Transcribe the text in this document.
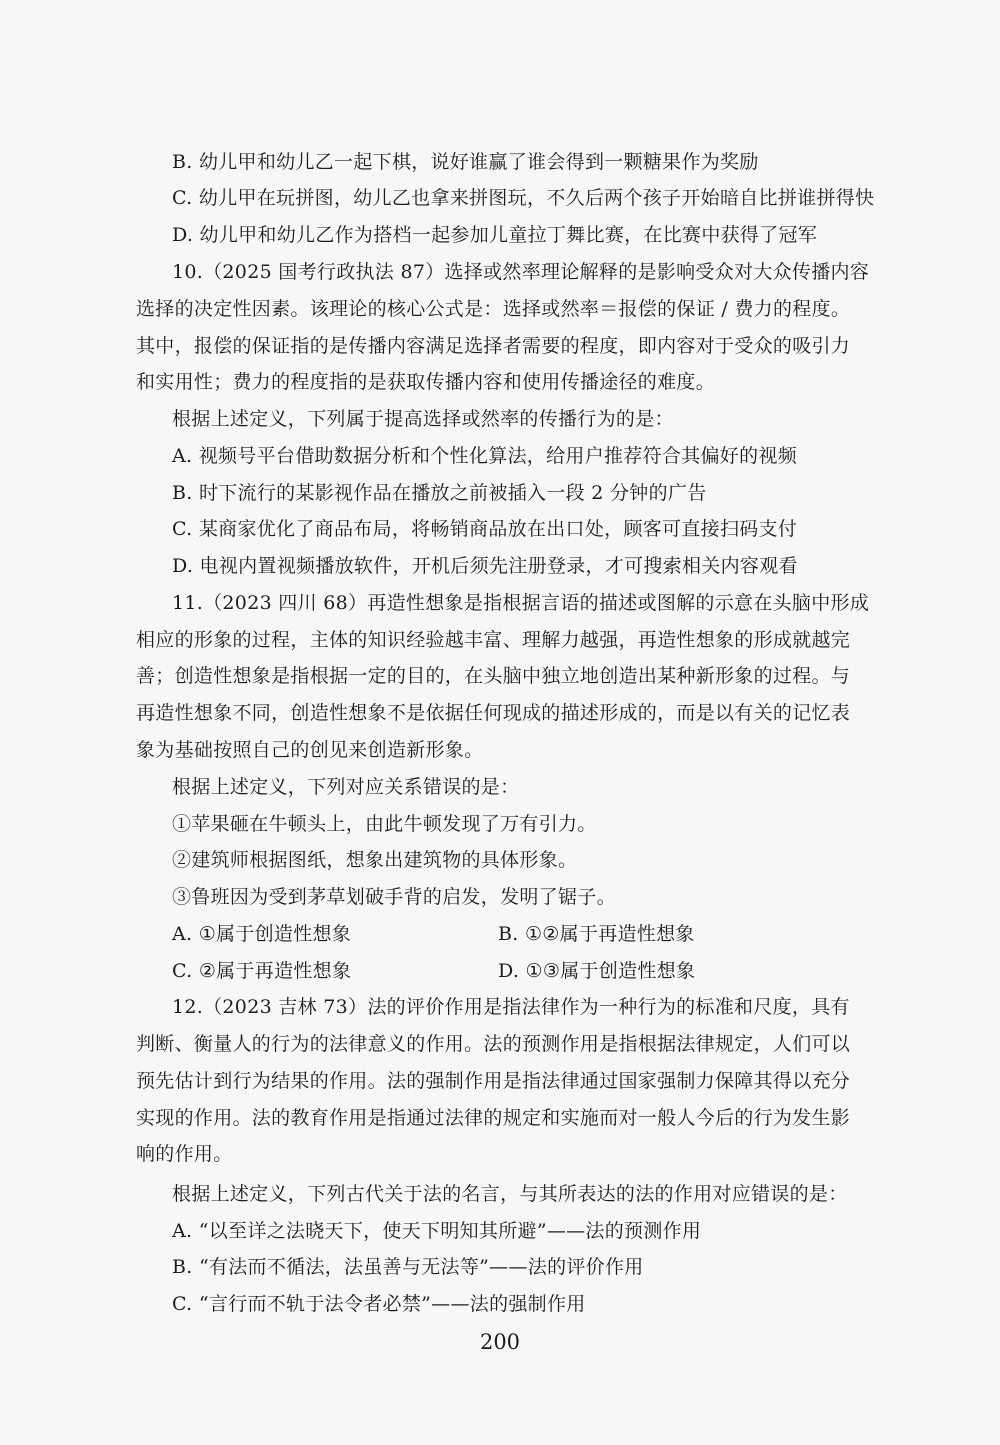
B. 幼儿甲和幼儿乙一起下棋，说好谁赢了谁会得到一颗糖果作为奖励
C. 幼儿甲在玩拼图，幼儿乙也拿来拼图玩，不久后两个孩子开始暗自比拼谁拼得快
D. 幼儿甲和幼儿乙作为搭档一起参加儿童拉丁舞比赛，在比赛中获得了冠军
10.（2025 国考行政执法 87）选择或然率理论解释的是影响受众对大众传播内容
选择的决定性因素。该理论的核心公式是：选择或然率＝报偿的保证 / 费力的程度。
其中，报偿的保证指的是传播内容满足选择者需要的程度，即内容对于受众的吸引力
和实用性；费力的程度指的是获取传播内容和使用传播途径的难度。
根据上述定义，下列属于提高选择或然率的传播行为的是：
A. 视频号平台借助数据分析和个性化算法，给用户推荐符合其偏好的视频
B. 时下流行的某影视作品在播放之前被插入一段 2 分钟的广告
C. 某商家优化了商品布局，将畅销商品放在出口处，顾客可直接扫码支付
D. 电视内置视频播放软件，开机后须先注册登录，才可搜索相关内容观看
11.（2023 四川 68）再造性想象是指根据言语的描述或图解的示意在头脑中形成
相应的形象的过程，主体的知识经验越丰富、理解力越强，再造性想象的形成就越完
善；创造性想象是指根据一定的目的，在头脑中独立地创造出某种新形象的过程。与
再造性想象不同，创造性想象不是依据任何现成的描述形成的，而是以有关的记忆表
象为基础按照自己的创见来创造新形象。
根据上述定义，下列对应关系错误的是：
①苹果砸在牛顿头上，由此牛顿发现了万有引力。
②建筑师根据图纸，想象出建筑物的具体形象。
③鲁班因为受到茅草划破手背的启发，发明了锯子。
A. ①属于创造性想象	B. ①②属于再造性想象
C. ②属于再造性想象	D. ①③属于创造性想象
12.（2023 吉林 73）法的评价作用是指法律作为一种行为的标准和尺度，具有
判断、衡量人的行为的法律意义的作用。法的预测作用是指根据法律规定，人们可以
预先估计到行为结果的作用。法的强制作用是指法律通过国家强制力保障其得以充分
实现的作用。法的教育作用是指通过法律的规定和实施而对一般人今后的行为发生影
响的作用。
根据上述定义，下列古代关于法的名言，与其所表达的法的作用对应错误的是：
A. “以至详之法晓天下，使天下明知其所避”——法的预测作用
B. “有法而不循法，法虽善与无法等”——法的评价作用
C. “言行而不轨于法令者必禁”——法的强制作用
200
